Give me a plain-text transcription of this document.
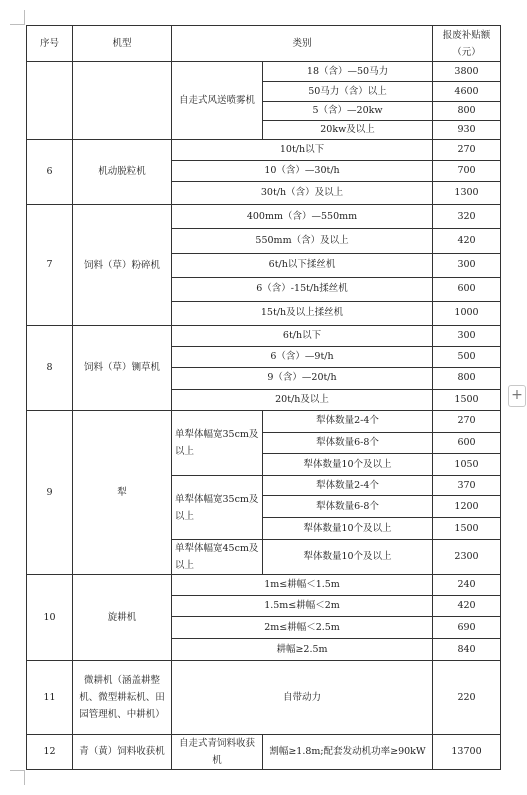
序号	机型	类别		报废补贴额（元）
		自走式风送喷雾机	18（含）—50马力	3800
			50马力（含）以上	4600
			5（含）—20kw	800
			20kw及以上	930
6	机动脱粒机	10t/h以下		270
		10（含）—30t/h		700
		30t/h（含）及以上		1300
7	饲料（草）粉碎机	400mm（含）—550mm		320
		550mm（含）及以上		420
		6t/h以下揉丝机		300
		6（含）-15t/h揉丝机		600
		15t/h及以上揉丝机		1000
8	饲料（草）铡草机	6t/h以下		300
		6（含）—9t/h		500
		9（含）—20t/h		800
		20t/h及以上		1500
9	犁	单犁体幅宽35cm及以上	犁体数量2-4个	270
			犁体数量6-8个	600
			犁体数量10个及以上	1050
		单犁体幅宽35cm及以上	犁体数量2-4个	370
			犁体数量6-8个	1200
			犁体数量10个及以上	1500
		单犁体幅宽45cm及以上	犁体数量10个及以上	2300
10	旋耕机	1m≤耕幅＜1.5m		240
		1.5m≤耕幅＜2m		420
		2m≤耕幅＜2.5m		690
		耕幅≥2.5m		840
11	微耕机（涵盖耕整机、微型耕耘机、田园管理机、中耕机）	自带动力		220
12	青（黄）饲料收获机	自走式青饲料收获机	割幅≥1.8m;配套发动机功率≥90kW	13700
+
